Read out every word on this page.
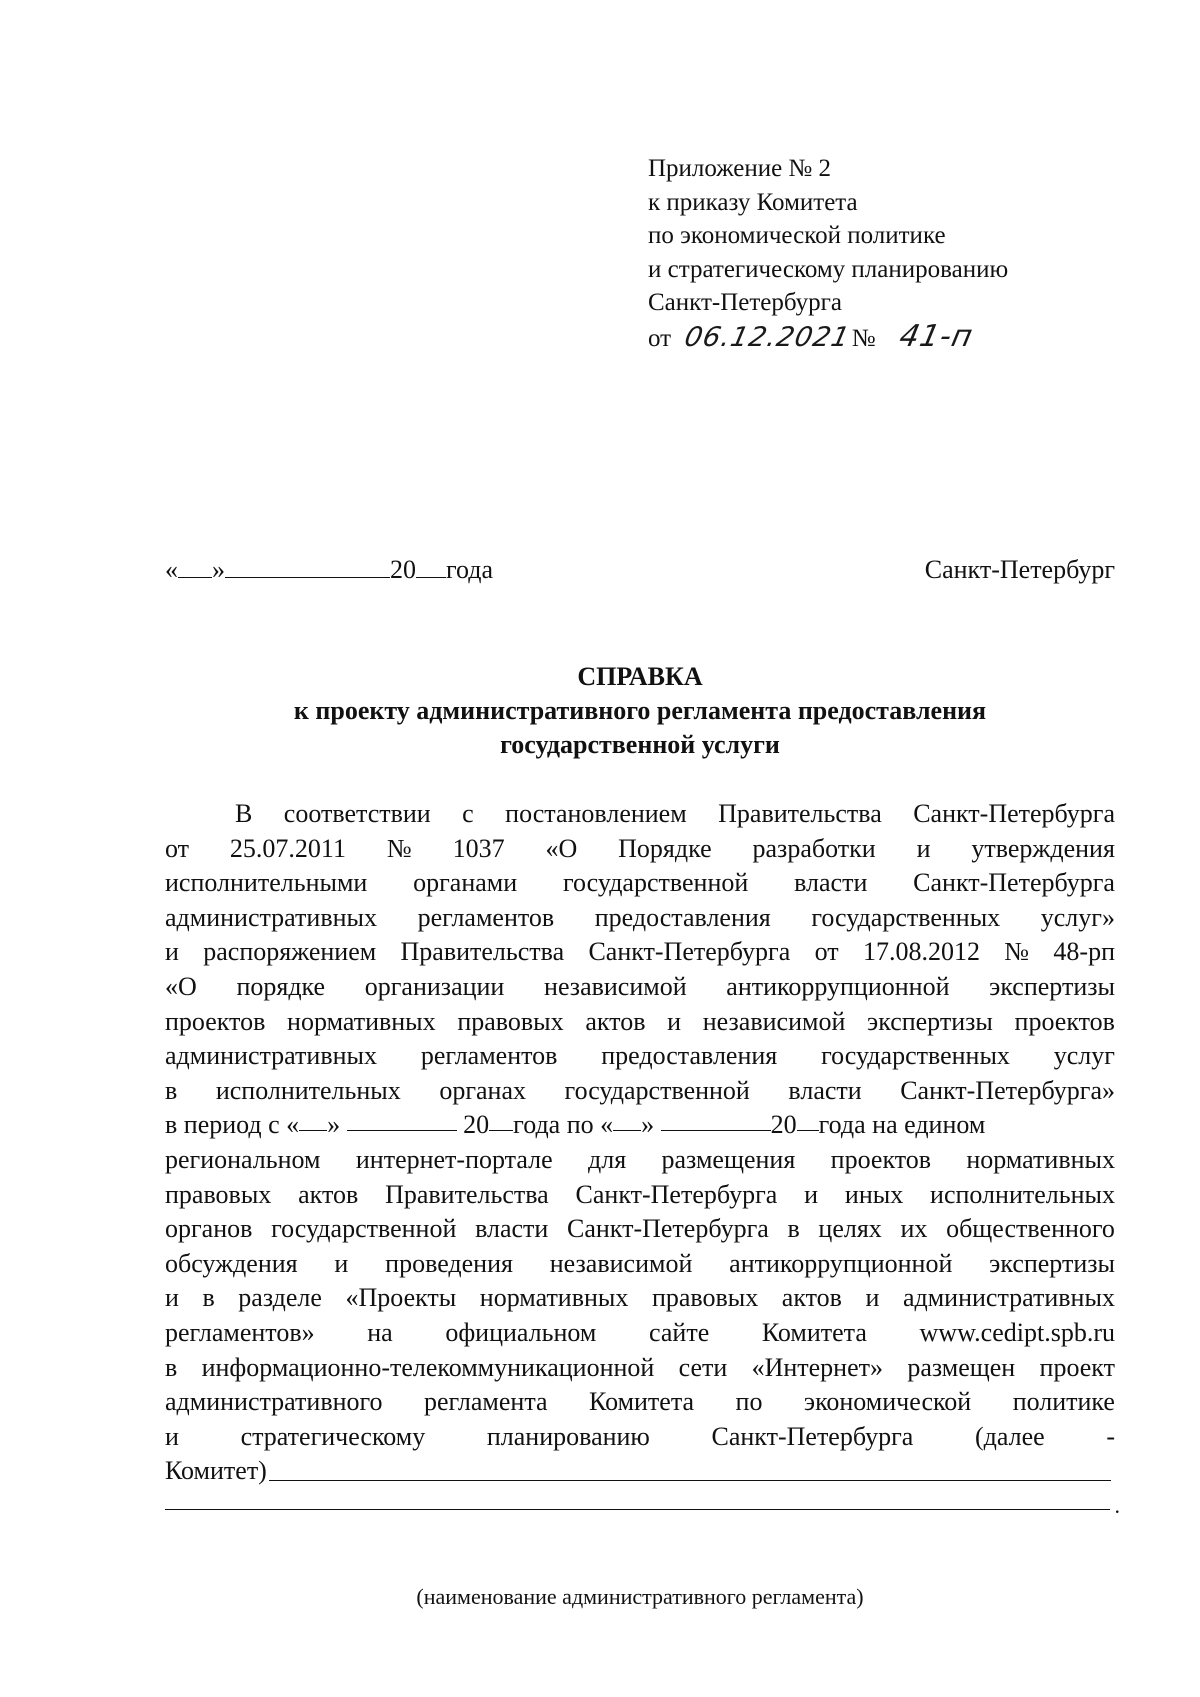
Приложение № 2
к приказу Комитета
по экономической политике
и стратегическому планированию
Санкт-Петербурга
от 06.12.2021
№ 41-п
« »	20 года	Санкт-Петербург
СПРАВКА
к проекту административного регламента предоставления
государственной услуги
В соответствии с постановлением Правительства Санкт-Петербурга
от 25.07.2011 № 1037 «О Порядке разработки и утверждения
исполнительными органами государственной власти Санкт-Петербурга
административных регламентов предоставления государственных услуг»
и распоряжением Правительства Санкт-Петербурга от 17.08.2012 № 48-рп
«О порядке организации независимой антикоррупционной экспертизы
проектов нормативных правовых актов и независимой экспертизы проектов
административных регламентов предоставления государственных услуг
в исполнительных органах государственной власти Санкт-Петербурга»
в период с « »

	20 года по « »
	20 года на едином
региональном интернет-портале для размещения проектов нормативных
правовых актов Правительства Санкт-Петербурга и иных исполнительных
органов государственной власти Санкт-Петербурга в целях их общественного
обсуждения и проведения независимой антикоррупционной экспертизы
и в разделе «Проекты нормативных правовых актов и административных
регламентов» на официальном сайте Комитета www.cedipt.spb.ru
в информационно-телекоммуникационной сети «Интернет» размещен проект
административного регламента Комитета по экономической политике
и стратегическому планированию Санкт-Петербурга (далее -
Комитет)
.
(наименование административного регламента)
